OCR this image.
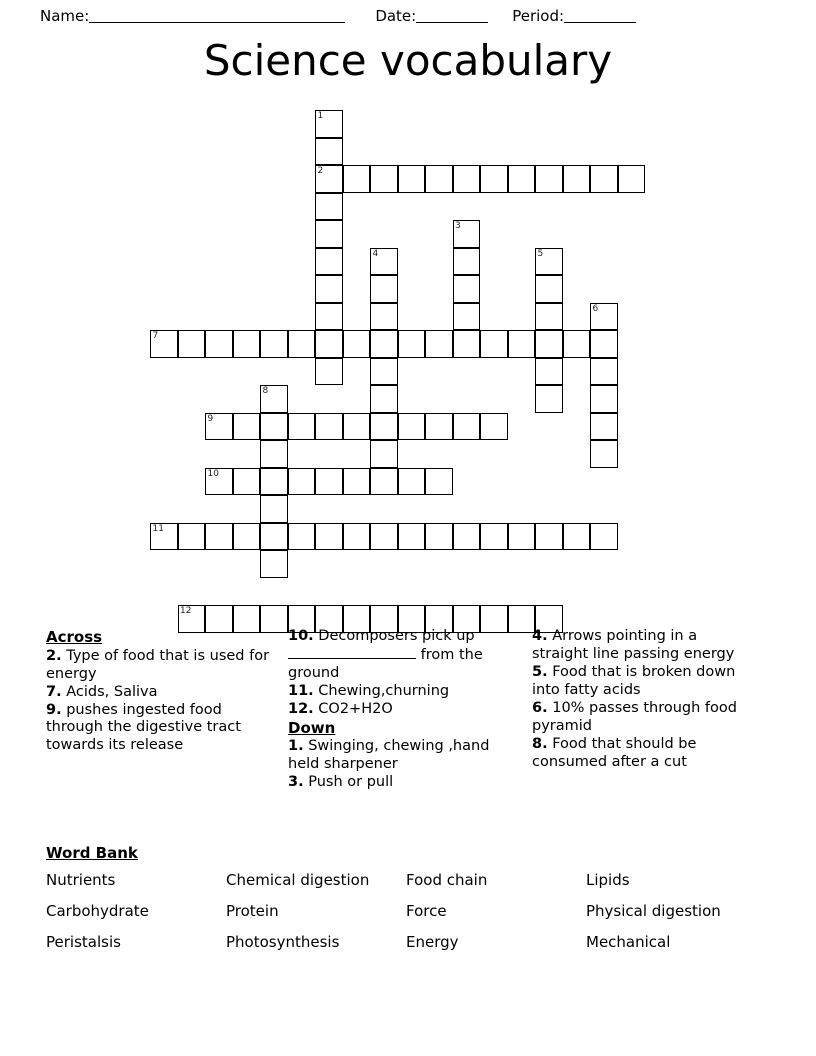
Name:	Date:	Period:
Science vocabulary
1
2
3
4	5
6
7
8
9
10
11
12
Across
2. Type of food that is used for energy
7. Acids, Saliva
9. pushes ingested food through the digestive tract towards its release
10. Decomposers pick up  from the ground
11. Chewing,churning
12. CO2+H2O
Down
1. Swinging, chewing ,hand held sharpener
3. Push or pull
4. Arrows pointing in a straight line passing energy
5. Food that is broken down into fatty acids
6. 10% passes through food pyramid
8. Food that should be consumed after a cut
Word Bank
Nutrients	Chemical digestion	Food chain	Lipids
Carbohydrate	Protein	Force	Physical digestion
Peristalsis	Photosynthesis	Energy	Mechanical
